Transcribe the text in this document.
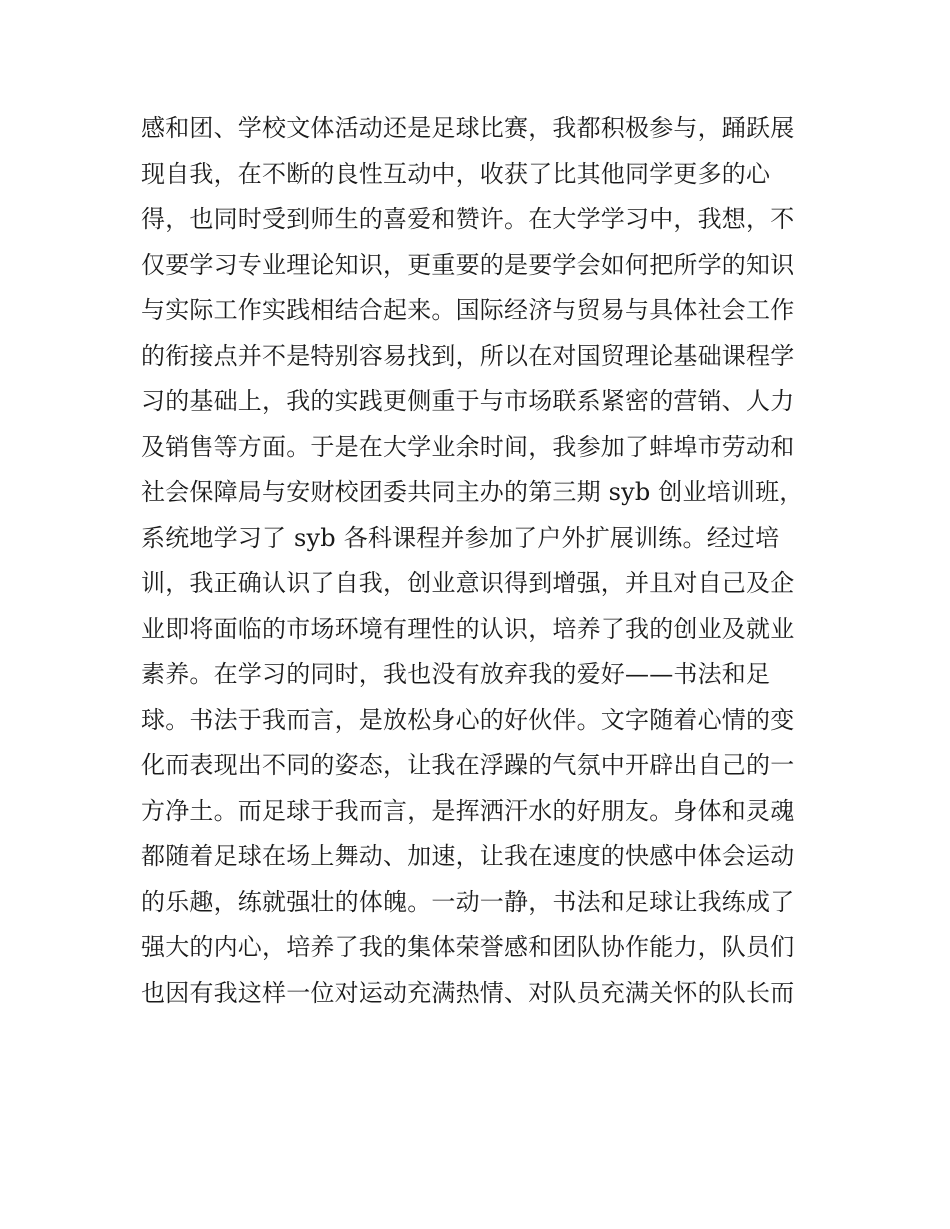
感和团、学校文体活动还是足球比赛，我都积极参与，踊跃展
现自我，在不断的良性互动中，收获了比其他同学更多的心
得，也同时受到师生的喜爱和赞许。在大学学习中，我想，不
仅要学习专业理论知识，更重要的是要学会如何把所学的知识
与实际工作实践相结合起来。国际经济与贸易与具体社会工作
的衔接点并不是特别容易找到，所以在对国贸理论基础课程学
习的基础上，我的实践更侧重于与市场联系紧密的营销、人力
及销售等方面。于是在大学业余时间，我参加了蚌埠市劳动和
社会保障局与安财校团委共同主办的第三期 syb 创业培训班，
系统地学习了 syb 各科课程并参加了户外扩展训练。经过培
训，我正确认识了自我，创业意识得到增强，并且对自己及企
业即将面临的市场环境有理性的认识，培养了我的创业及就业
素养。在学习的同时，我也没有放弃我的爱好——书法和足
球。书法于我而言，是放松身心的好伙伴。文字随着心情的变
化而表现出不同的姿态，让我在浮躁的气氛中开辟出自己的一
方净土。而足球于我而言，是挥洒汗水的好朋友。身体和灵魂
都随着足球在场上舞动、加速，让我在速度的快感中体会运动
的乐趣，练就强壮的体魄。一动一静，书法和足球让我练成了
强大的内心，培养了我的集体荣誉感和团队协作能力，队员们
也因有我这样一位对运动充满热情、对队员充满关怀的队长而
